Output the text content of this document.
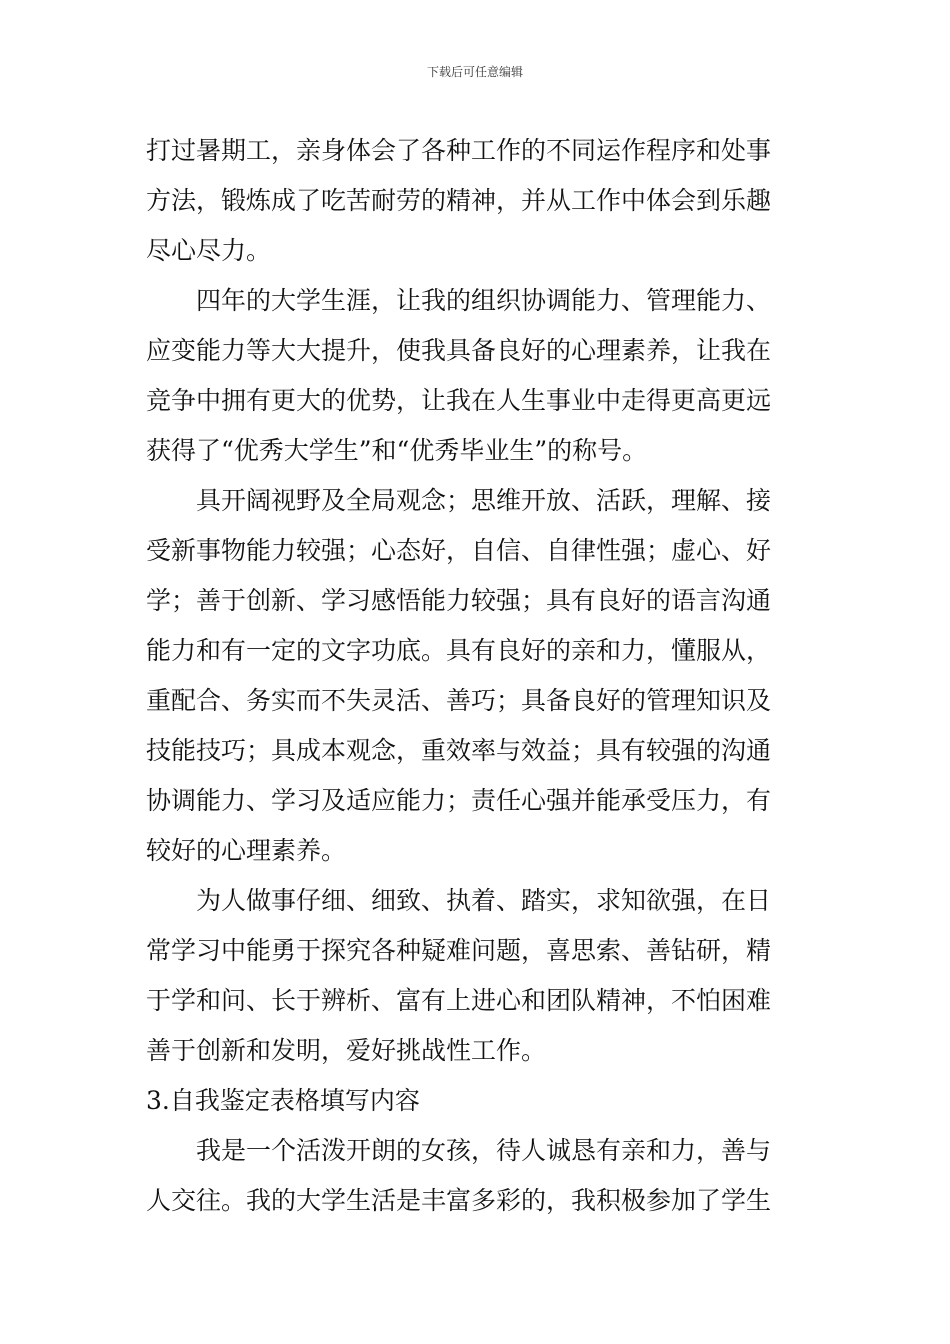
下载后可任意编辑
打过暑期工，亲身体会了各种工作的不同运作程序和处事
方法，锻炼成了吃苦耐劳的精神，并从工作中体会到乐趣
尽心尽力。
四年的大学生涯，让我的组织协调能力、管理能力、
应变能力等大大提升，使我具备良好的心理素养，让我在
竞争中拥有更大的优势，让我在人生事业中走得更高更远
获得了“优秀大学生”和“优秀毕业生”的称号。
具开阔视野及全局观念；思维开放、活跃，理解、接
受新事物能力较强；心态好，自信、自律性强；虚心、好
学；善于创新、学习感悟能力较强；具有良好的语言沟通
能力和有一定的文字功底。具有良好的亲和力，懂服从，
重配合、务实而不失灵活、善巧；具备良好的管理知识及
技能技巧；具成本观念，重效率与效益；具有较强的沟通
协调能力、学习及适应能力；责任心强并能承受压力，有
较好的心理素养。
为人做事仔细、细致、执着、踏实，求知欲强，在日
常学习中能勇于探究各种疑难问题，喜思索、善钻研，精
于学和问、长于辨析、富有上进心和团队精神，不怕困难
善于创新和发明，爱好挑战性工作。
3.自我鉴定表格填写内容
我是一个活泼开朗的女孩，待人诚恳有亲和力，善与
人交往。我的大学生活是丰富多彩的，我积极参加了学生
